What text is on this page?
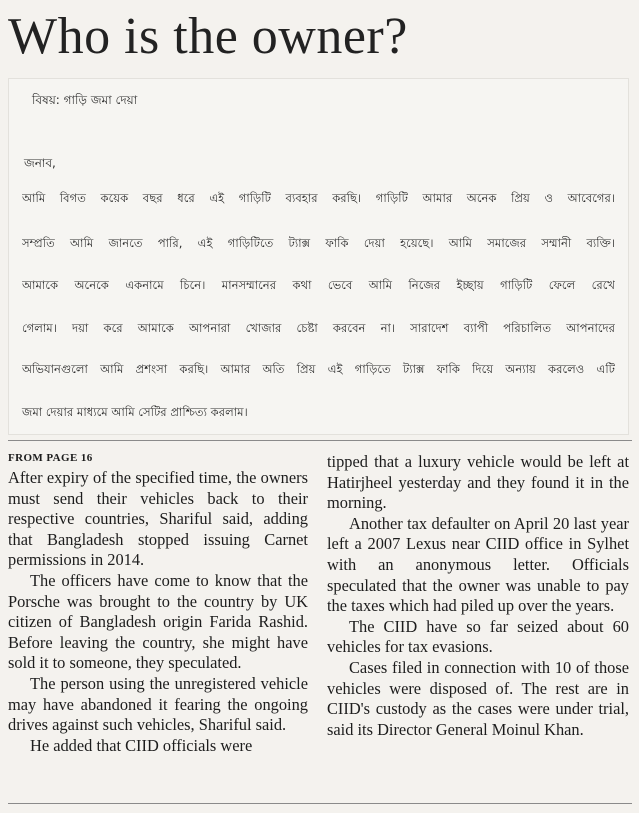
Who is the owner?
বিষয়: গাড়ি জমা দেয়া
জনাব,
আমি বিগত কয়েক বছর ধরে এই গাড়িটি ব্যবহার করছি। গাড়িটি আমার অনেক প্রিয় ও আবেগের।
সম্প্রতি আমি জানতে পারি, এই গাড়িটিতে ট্যাক্স ফাকি দেয়া হয়েছে। আমি সমাজের সম্মানী ব্যক্তি।
আমাকে অনেকে একনামে চিনে। মানসম্মানের কথা ভেবে আমি নিজের ইচ্ছায় গাড়িটি ফেলে রেখে
গেলাম। দয়া করে আমাকে আপনারা খোজার চেষ্টা করবেন না। সারাদেশ ব্যাপী পরিচালিত আপনাদের
অভিযানগুলো আমি প্রশংসা করছি। আমার অতি প্রিয় এই গাড়িতে ট্যাক্স ফাকি দিয়ে অন্যায় করলেও এটি
জমা দেয়ার মাধ্যমে আমি সেটির প্রাশ্চিত্য করলাম।
FROM PAGE 16

After expiry of the specified time, the owners must send their vehicles back to their respective countries, Shariful said, adding that Bangladesh stopped issuing Carnet permissions in 2014.

The officers have come to know that the Porsche was brought to the country by UK citizen of Bangladesh origin Farida Rashid. Before leaving the country, she might have sold it to someone, they speculated.

The person using the unregistered vehicle may have abandoned it fearing the ongoing drives against such vehicles, Shariful said.

He added that CIID officials were

tipped that a luxury vehicle would be left at Hatirjheel yesterday and they found it in the morning.

Another tax defaulter on April 20 last year left a 2007 Lexus near CIID office in Sylhet with an anonymous letter. Officials speculated that the owner was unable to pay the taxes which had piled up over the years.

The CIID have so far seized about 60 vehicles for tax evasions.

Cases filed in connection with 10 of those vehicles were disposed of. The rest are in CIID's custody as the cases were under trial, said its Director General Moinul Khan.
